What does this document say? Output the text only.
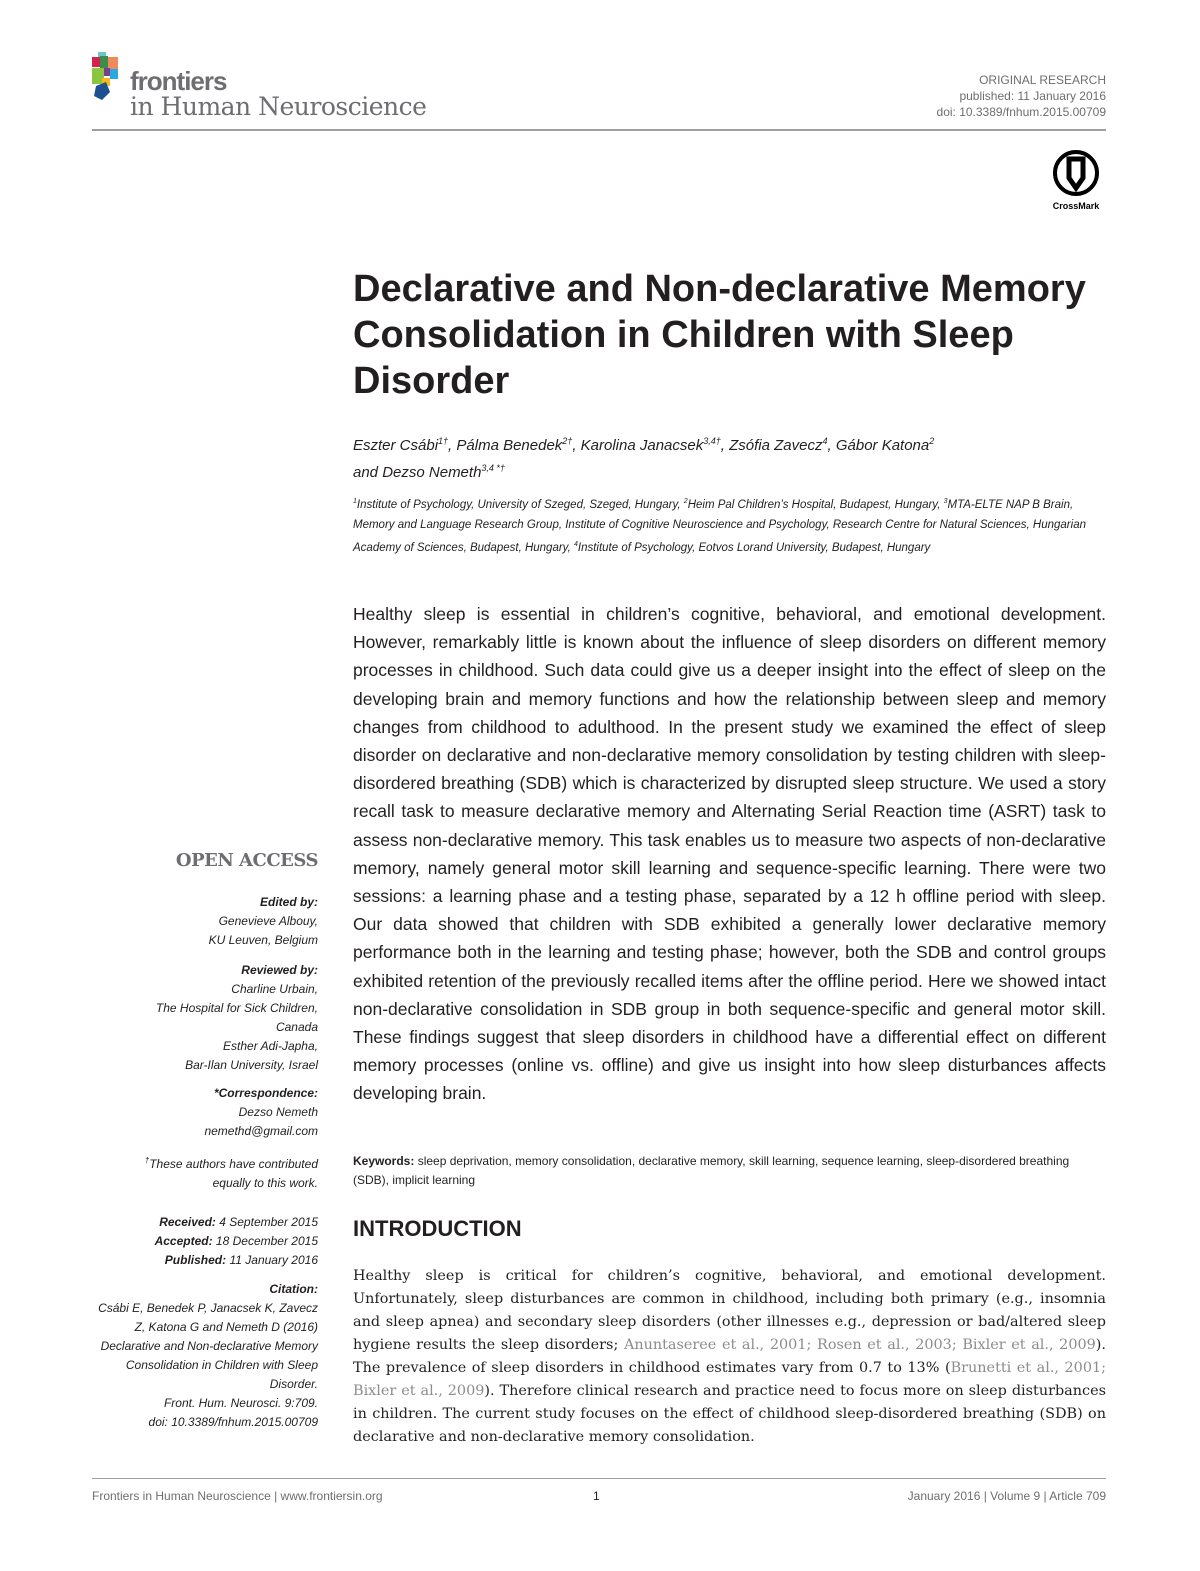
frontiers
in Human Neuroscience
ORIGINAL RESEARCH
published: 11 January 2016
doi: 10.3389/fnhum.2015.00709
CrossMark
Declarative and Non-declarative Memory Consolidation in Children with Sleep Disorder
Eszter Csábi$^{1\dagger}$, Pálma Benedek$^{2\dagger}$, Karolina Janacsek$^{3,4\dagger}$, Zsófia Zavecz$^4$, Gábor Katona$^2$
and Dezso Nemeth$^{3,4 *\dagger}$
$^1$Institute of Psychology, University of Szeged, Szeged, Hungary, $^2$Heim Pal Children’s Hospital, Budapest, Hungary, $^3$MTA-ELTE NAP B Brain, Memory and Language Research Group, Institute of Cognitive Neuroscience and Psychology, Research Centre for Natural Sciences, Hungarian Academy of Sciences, Budapest, Hungary, $^4$Institute of Psychology, Eotvos Lorand University, Budapest, Hungary

Healthy sleep is essential in children’s cognitive, behavioral, and emotional development. However, remarkably little is known about the influence of sleep disorders on different memory processes in childhood. Such data could give us a deeper insight into the effect of sleep on the developing brain and memory functions and how the relationship between sleep and memory changes from childhood to adulthood. In the present study we examined the effect of sleep disorder on declarative and non-declarative memory consolidation by testing children with sleep-disordered breathing (SDB) which is characterized by disrupted sleep structure. We used a story recall task to measure declarative memory and Alternating Serial Reaction time (ASRT) task to assess non-declarative memory. This task enables us to measure two aspects of non-declarative memory, namely general motor skill learning and sequence-specific learning. There were two sessions: a learning phase and a testing phase, separated by a 12 h offline period with sleep. Our data showed that children with SDB exhibited a generally lower declarative memory performance both in the learning and testing phase; however, both the SDB and control groups exhibited retention of the previously recalled items after the offline period. Here we showed intact non-declarative consolidation in SDB group in both sequence-specific and general motor skill. These findings suggest that sleep disorders in childhood have a differential effect on different memory processes (online vs. offline) and give us insight into how sleep disturbances affects developing brain.

Keywords: sleep deprivation, memory consolidation, declarative memory, skill learning, sequence learning, sleep-disordered breathing (SDB), implicit learning
INTRODUCTION

Healthy sleep is critical for children’s cognitive, behavioral, and emotional development. Unfortunately, sleep disturbances are common in childhood, including both primary (e.g., insomnia and sleep apnea) and secondary sleep disorders (other illnesses e.g., depression or bad/altered sleep hygiene results the sleep disorders; Anuntaseree et al., 2001; Rosen et al., 2003; Bixler et al., 2009). The prevalence of sleep disorders in childhood estimates vary from 0.7 to 13% (Brunetti et al., 2001; Bixler et al., 2009). Therefore clinical research and practice need to focus more on sleep disturbances in children. The current study focuses on the effect of childhood sleep-disordered breathing (SDB) on declarative and non-declarative memory consolidation.

OPEN ACCESS
Edited by:
Genevieve Albouy,
KU Leuven, Belgium
Reviewed by:
Charline Urbain,
The Hospital for Sick Children,
Canada
Esther Adi-Japha,
Bar-Ilan University, Israel
*Correspondence:
Dezso Nemeth
nemethd@gmail.com
†These authors have contributed equally to this work.
Received: 4 September 2015
Accepted: 18 December 2015
Published: 11 January 2016
Citation:
Csábi E, Benedek P, Janacsek K, Zavecz Z, Katona G and Nemeth D (2016) Declarative and Non-declarative Memory Consolidation in Children with Sleep Disorder.
Front. Hum. Neurosci. 9:709.
doi: 10.3389/fnhum.2015.00709
Frontiers in Human Neuroscience | www.frontiersin.org	1	January 2016 | Volume 9 | Article 709
